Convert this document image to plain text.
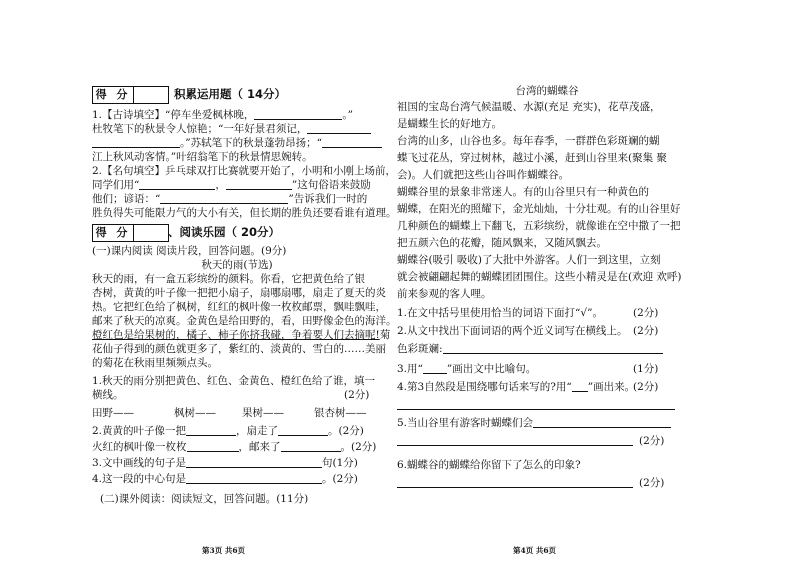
得 分	积累运用题（ 14分）
1.【古诗填空】“停车坐爱枫林晚，	。”
杜牧笔下的秋景令人惊艳；“一年好景君须记，
。”苏轼笔下的秋景蓬勃昂扬；“
江上秋风动客情。”叶绍翁笔下的秋景情思婉转。
2.【名句填空】乒乓球双打比赛就要开始了，小明和小刚上场前，
同学们用“	，	”这句俗语来鼓励
他们；谚语：“	”告诉我们一时的
胜负得失可能限力气的大小有关，但长期的胜负还要看谁有道理。
得 分	、阅读乐园（ 20分）
(一)课内阅读 阅读片段，回答问题。(9分)
秋天的雨(节选)
秋天的雨，有一盒五彩缤纷的颜料。你看，它把黄色给了银
杏树，黄黄的叶子像一把把小扇子，扇哪扇哪，扇走了夏天的炎
热。它把红色给了枫树，红红的枫叶像一枚枚邮票，飘哇飘哇，
邮来了秋天的凉爽。金黄色是给田野的，看，田野像金色的海洋。
橙红色是给果树的，橘子、柿子你挤我碰，争着要人们去摘呢!菊
花仙子得到的颜色就更多了，紫红的、淡黄的、雪白的……美丽
的菊花在秋雨里频频点头。
1.秋天的雨分别把黄色、红色、金黄色、橙红色给了谁，填一
横线。	(2分)
田野——	枫树—— 果树——	银杏树——
2.黄黄的叶子像一把	，扇走了	。(2分)
火红的枫叶像一枚枚	，邮来了	。(2分)
3.文中画线的句子是	句(1分)
4.这一段的中心句是	。(2分)
(二)课外阅读：阅读短文，回答问题。(11分)
第3页 共6页
台湾的蝴蝶谷
祖国的宝岛台湾气候温暖、水源(充足 充实)，花草茂盛，
是蝴蝶生长的好地方。
台湾的山多，山谷也多。每年春季，一群群色彩斑斓的蝴
蝶飞过花丛，穿过树林，越过小溪，赶到山谷里来(聚集 聚
会)。人们就把这些山谷叫作蝴蝶谷。
蝴蝶谷里的景象非常迷人。有的山谷里只有一种黄色的
蝴蝶，在阳光的照耀下，金光灿灿，十分壮观。有的山谷里好
几种颜色的蝴蝶上下翻飞，五彩缤纷，就像谁在空中撒了一把
把五颜六色的花瓣，随风飘来，又随风飘去。
蝴蝶谷(吸引 吸收)了大批中外游客。人们一到这里，立刻
就会被翩翩起舞的蝴蝶团团围住。这些小精灵是在(欢迎 欢呼)
前来参观的客人哩。
1.在文中括号里使用恰当的词语下面打“√”。	(2分)
2.从文中找出下面词语的两个近义词写在横线上。 (2分)
色彩斑斓:
3.用“ ”画出文中比喻句。	(1分)
4.第3自然段是围绕哪句话来写的?用“ ”画出来。
(2分)
5.当山谷里有游客时蝴蝶们会
(2分)
6.蝴蝶谷的蝴蝶给你留下了怎么的印象?
(2分)
第4页 共6页
